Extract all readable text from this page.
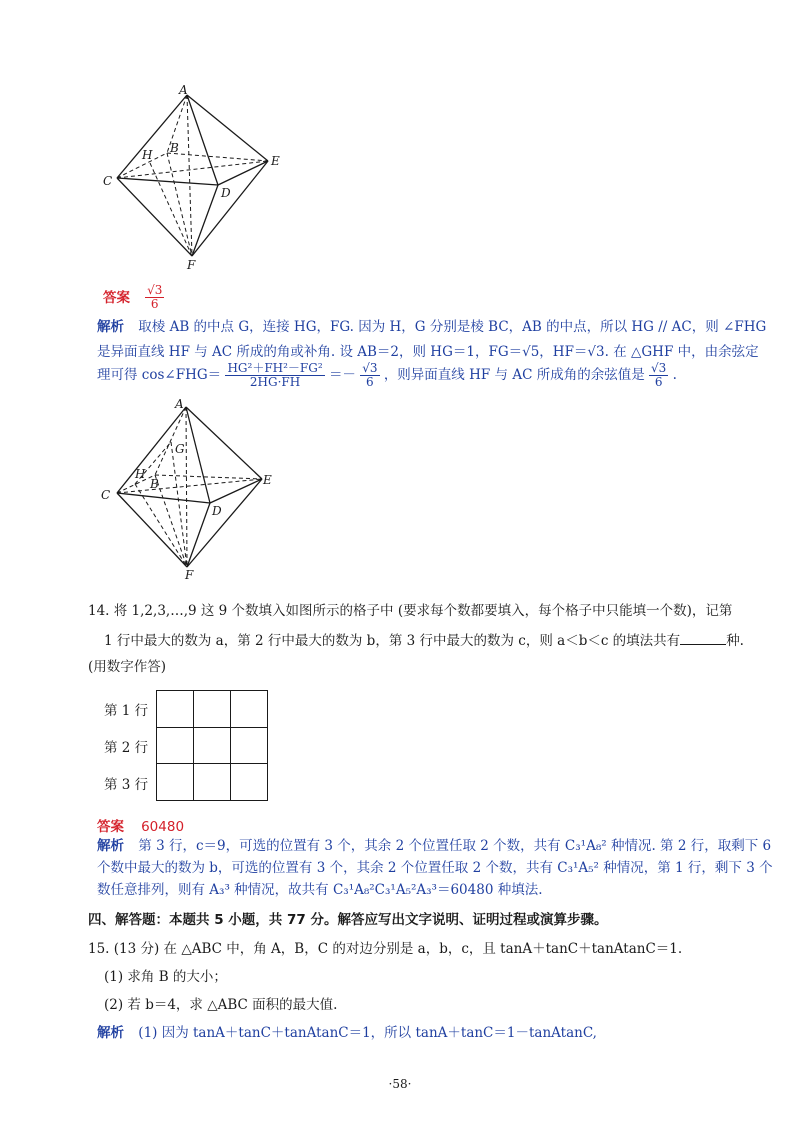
A
B
C
D
E
F
H
答案 $\frac{√3}{6}$
解析 取棱 AB 的中点 G，连接 HG，FG. 因为 H，G 分别是棱 BC，AB 的中点，所以 HG // AC，则 ∠FHG
是异面直线 HF 与 AC 所成的角或补角. 设 AB＝2，则 HG＝1，FG＝√5，HF＝√3. 在 △GHF 中，由余弦定
理可得 cos∠FHG＝ $\frac{\text{HG²＋FH²－FG²}}{2HG\cdot FH} =- \frac{√3}{6}$ ，则异面直线 HF 与 AC 所成角的余弦值是 $\frac{√3}{6}$ .
A
B
C
D
E
F
G
H
14. 将 1,2,3,…,9 这 9 个数填入如图所示的格子中 (要求每个数都要填入，每个格子中只能填一个数)，记第
1 行中最大的数为 a，第 2 行中最大的数为 b，第 3 行中最大的数为 c，则 a＜b＜c 的填法共有	种.
(用数字作答)
第 1 行
第 2 行
第 3 行
答案 60480
解析 第 3 行，c＝9，可选的位置有 3 个，其余 2 个位置任取 2 个数，共有 C₃¹A₈² 种情况. 第 2 行，取剩下 6
个数中最大的数为 b，可选的位置有 3 个，其余 2 个位置任取 2 个数，共有 C₃¹A₅² 种情况，第 1 行，剩下 3 个
数任意排列，则有 A₃³ 种情况，故共有 C₃¹A₈²C₃¹A₅²A₃³＝60480 种填法.
四、解答题：本题共 5 小题，共 77 分。解答应写出文字说明、证明过程或演算步骤。
15. (13 分) 在 △ABC 中，角 A，B，C 的对边分别是 a，b，c，且 tanA＋tanC＋tanAtanC＝1.
(1) 求角 B 的大小；
(2) 若 b＝4，求 △ABC 面积的最大值.
解析 (1) 因为 tanA＋tanC＋tanAtanC＝1，所以 tanA＋tanC＝1－tanAtanC,
·58·
